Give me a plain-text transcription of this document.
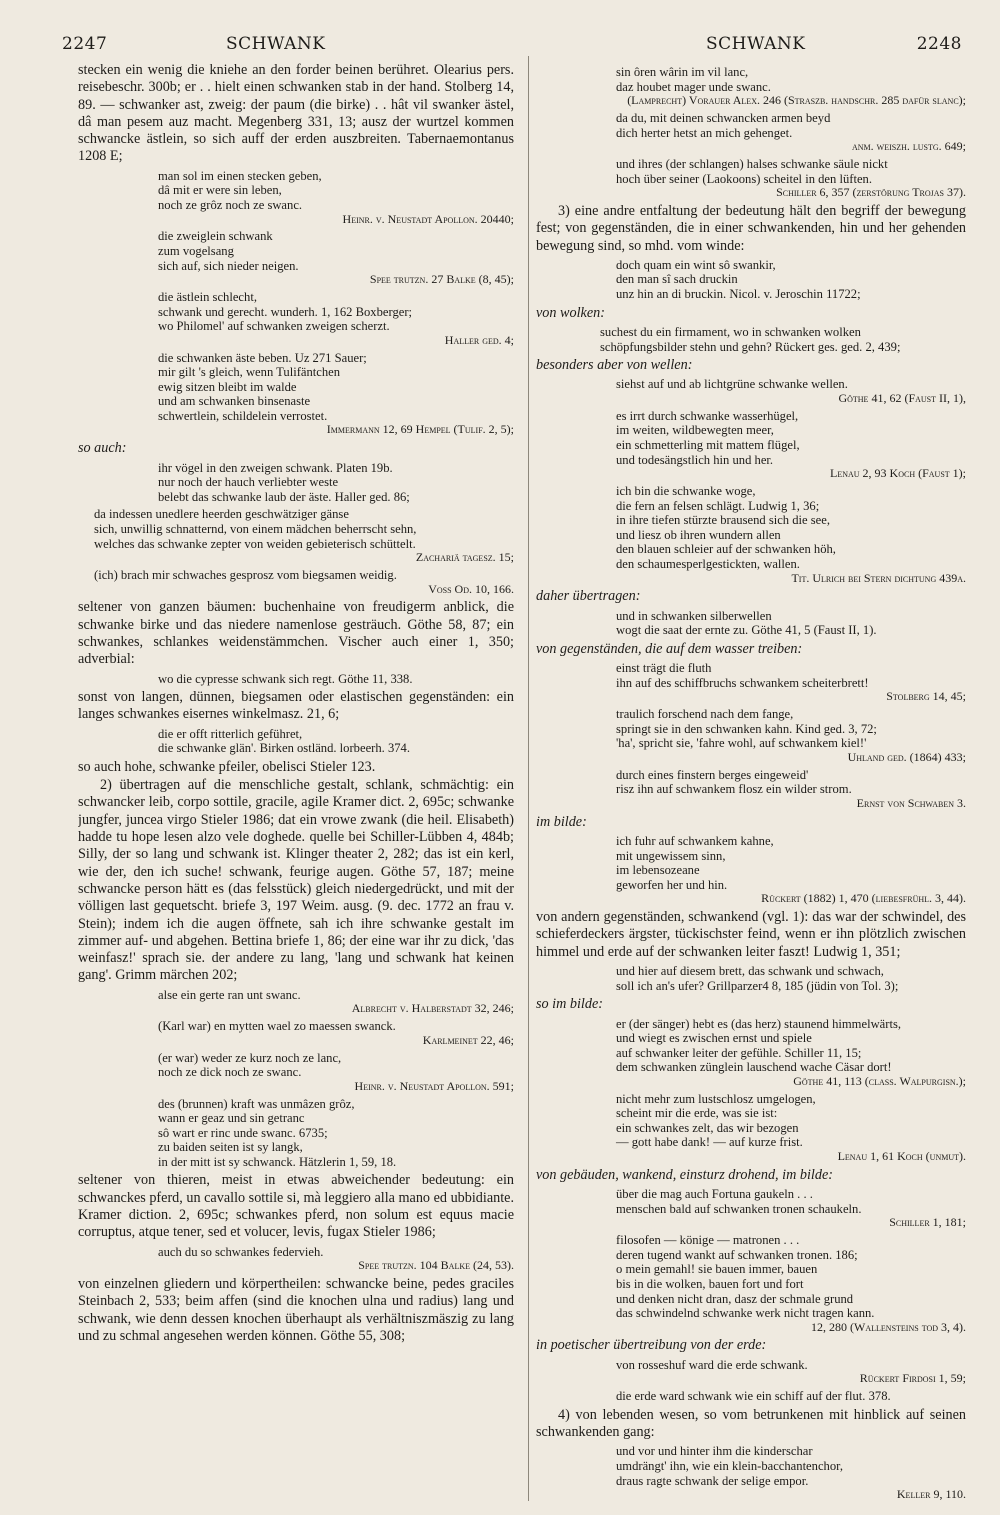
2247	SCHWANK	SCHWANK	2248

stecken ein wenig die kniehe an den forder beinen berühret. Olearius pers. reisebeschr. 300b; er . . hielt einen schwanken stab in der hand. Stolberg 14, 89. — schwanker ast, zweig: der paum (die birke) . . hât vil swanker ästel, dâ man pesem auz macht. Megenberg 331, 13; ausz der wurtzel kommen schwancke ästlein, so sich auff der erden auszbreiten. Tabernaemontanus 1208 E;

man sol im einen stecken geben,
dâ mit er were sin leben,
noch ze grôz noch ze swanc.
Heinr. v. Neustadt Apollon. 20440;
die zweiglein schwank
zum vogelsang
sich auf, sich nieder neigen.
Spee trutzn. 27 Balke (8, 45);
die ästlein schlecht,
schwank und gerecht. wunderh. 1, 162 Boxberger;
wo Philomel' auf schwanken zweigen scherzt.
Haller ged. 4;
die schwanken äste beben. Uz 271 Sauer;
mir gilt 's gleich, wenn Tulifäntchen
ewig sitzen bleibt im walde
und am schwanken binsenaste
schwertlein, schildelein verrostet.
Immermann 12, 69 Hempel (Tulif. 2, 5);
so auch:
ihr vögel in den zweigen schwank. Platen 19b.
nur noch der hauch verliebter weste
belebt das schwanke laub der äste. Haller ged. 86;
da indessen unedlere heerden geschwätziger gänse
sich, unwillig schnatternd, von einem mädchen beherrscht sehn,
welches das schwanke zepter von weiden gebieterisch schüttelt.
Zachariä tagesz. 15;
(ich) brach mir schwaches gesprosz vom biegsamen weidig.
Voss Od. 10, 166.

seltener von ganzen bäumen: buchenhaine von freudigerm anblick, die schwanke birke und das niedere namenlose gesträuch. Göthe 58, 87; ein schwankes, schlankes weidenstämmchen. Vischer auch einer 1, 350; adverbial:

wo die cypresse schwank sich regt. Göthe 11, 338.

sonst von langen, dünnen, biegsamen oder elastischen gegenständen: ein langes schwankes eisernes winkelmasz. 21, 6;

die er offt ritterlich geführet,
die schwanke glän'. Birken ostländ. lorbeerh. 374.

so auch hohe, schwanke pfeiler, obelisci Stieler 123.

2) übertragen auf die menschliche gestalt, schlank, schmächtig: ein schwancker leib, corpo sottile, gracile, agile Kramer dict. 2, 695c; schwanke jungfer, juncea virgo Stieler 1986; dat ein vrowe zwank (die heil. Elisabeth) hadde tu hope lesen alzo vele doghede. quelle bei Schiller-Lübben 4, 484b; Silly, der so lang und schwank ist. Klinger theater 2, 282; das ist ein kerl, wie der, den ich suche! schwank, feurige augen. Göthe 57, 187; meine schwancke person hätt es (das felsstück) gleich niedergedrückt, und mit der völligen last gequetscht. briefe 3, 197 Weim. ausg. (9. dec. 1772 an frau v. Stein); indem ich die augen öffnete, sah ich ihre schwanke gestalt im zimmer auf- und abgehen. Bettina briefe 1, 86; der eine war ihr zu dick, 'das weinfasz!' sprach sie. der andere zu lang, 'lang und schwank hat keinen gang'. Grimm märchen 202;

alse ein gerte ran unt swanc.
Albrecht v. Halberstadt 32, 246;
(Karl war) en mytten wael zo maessen swanck.
Karlmeinet 22, 46;
(er war) weder ze kurz noch ze lanc,
noch ze dick noch ze swanc.
Heinr. v. Neustadt Apollon. 591;
des (brunnen) kraft was unmâzen grôz,
wann er geaz und sin getranc
sô wart er rinc unde swanc. 6735;
zu baiden seiten ist sy langk,
in der mitt ist sy schwanck. Hätzlerin 1, 59, 18.

seltener von thieren, meist in etwas abweichender bedeutung: ein schwanckes pferd, un cavallo sottile si, mà leggiero alla mano ed ubbidiante. Kramer diction. 2, 695c; schwankes pferd, non solum est equus macie corruptus, atque tener, sed et volucer, levis, fugax Stieler 1986;

auch du so schwankes federvieh.
Spee trutzn. 104 Balke (24, 53).

von einzelnen gliedern und körpertheilen: schwancke beine, pedes graciles Steinbach 2, 533; beim affen (sind die knochen ulna und radius) lang und schwank, wie denn dessen knochen überhaupt als verhältniszmäszig zu lang und zu schmal angesehen werden können. Göthe 55, 308;

sin ôren wârin im vil lanc,
daz houbet mager unde swanc.
(Lamprecht) Vorauer Alex. 246 (Straszb. handschr. 285 dafür slanc);
da du, mit deinen schwancken armen beyd
dich herter hetst an mich gehenget.
anm. weiszh. lustg. 649;
und ihres (der schlangen) halses schwanke säule nickt
hoch über seiner (Laokoons) scheitel in den lüften.
Schiller 6, 357 (zerstörung Trojas 37).

3) eine andre entfaltung der bedeutung hält den begriff der bewegung fest; von gegenständen, die in einer schwankenden, hin und her gehenden bewegung sind, so mhd. vom winde:

doch quam ein wint sô swankir,
den man sî sach druckin
unz hin an di bruckin. Nicol. v. Jeroschin 11722;
von wolken:
suchest du ein firmament, wo in schwanken wolken
schöpfungsbilder stehn und gehn? Rückert ges. ged. 2, 439;
besonders aber von wellen:
siehst auf und ab lichtgrüne schwanke wellen.
Göthe 41, 62 (Faust II, 1),
es irrt durch schwanke wasserhügel,
im weiten, wildbewegten meer,
ein schmetterling mit mattem flügel,
und todesängstlich hin und her.
Lenau 2, 93 Koch (Faust 1);
ich bin die schwanke woge,
die fern an felsen schlägt. Ludwig 1, 36;
in ihre tiefen stürzte brausend sich die see,
und liesz ob ihren wundern allen
den blauen schleier auf der schwanken höh,
den schaumesperlgestickten, wallen.
Tit. Ulrich bei Stern dichtung 439a.
daher übertragen:
und in schwanken silberwellen
wogt die saat der ernte zu. Göthe 41, 5 (Faust II, 1).
von gegenständen, die auf dem wasser treiben:
einst trägt die fluth
ihn auf des schiffbruchs schwankem scheiterbrett!
Stolberg 14, 45;
traulich forschend nach dem fange,
springt sie in den schwanken kahn. Kind ged. 3, 72;
'ha', spricht sie, 'fahre wohl, auf schwankem kiel!'
Uhland ged. (1864) 433;
durch eines finstern berges eingeweid'
risz ihn auf schwankem flosz ein wilder strom.
Ernst von Schwaben 3.
im bilde:
ich fuhr auf schwankem kahne,
mit ungewissem sinn,
im lebensozeane
geworfen her und hin.
Rückert (1882) 1, 470 (liebesfrühl. 3, 44).

von andern gegenständen, schwankend (vgl. 1): das war der schwindel, des schieferdeckers ärgster, tückischster feind, wenn er ihn plötzlich zwischen himmel und erde auf der schwanken leiter faszt! Ludwig 1, 351;

und hier auf diesem brett, das schwank und schwach,
soll ich an's ufer? Grillparzer4 8, 185 (jüdin von Tol. 3);
so im bilde:
er (der sänger) hebt es (das herz) staunend himmelwärts,
und wiegt es zwischen ernst und spiele
auf schwanker leiter der gefühle. Schiller 11, 15;
dem schwanken zünglein lauschend wache Cäsar dort!
Göthe 41, 113 (class. Walpurgisn.);
nicht mehr zum lustschlosz umgelogen,
scheint mir die erde, was sie ist:
ein schwankes zelt, das wir bezogen
— gott habe dank! — auf kurze frist.
Lenau 1, 61 Koch (unmut).
von gebäuden, wankend, einsturz drohend, im bilde:
über die mag auch Fortuna gaukeln . . .
menschen bald auf schwanken tronen schaukeln.
Schiller 1, 181;
filosofen — könige — matronen . . .
deren tugend wankt auf schwanken tronen. 186;
o mein gemahl! sie bauen immer, bauen
bis in die wolken, bauen fort und fort
und denken nicht dran, dasz der schmale grund
das schwindelnd schwanke werk nicht tragen kann.
12, 280 (Wallensteins tod 3, 4).
in poetischer übertreibung von der erde:
von rosseshuf ward die erde schwank.
Rückert Firdosi 1, 59;
die erde ward schwank wie ein schiff auf der flut. 378.

4) von lebenden wesen, so vom betrunkenen mit hinblick auf seinen schwankenden gang:

und vor und hinter ihm die kinderschar
umdrängt' ihn, wie ein klein-bacchantenchor,
draus ragte schwank der selige empor.
Keller 9, 110.
